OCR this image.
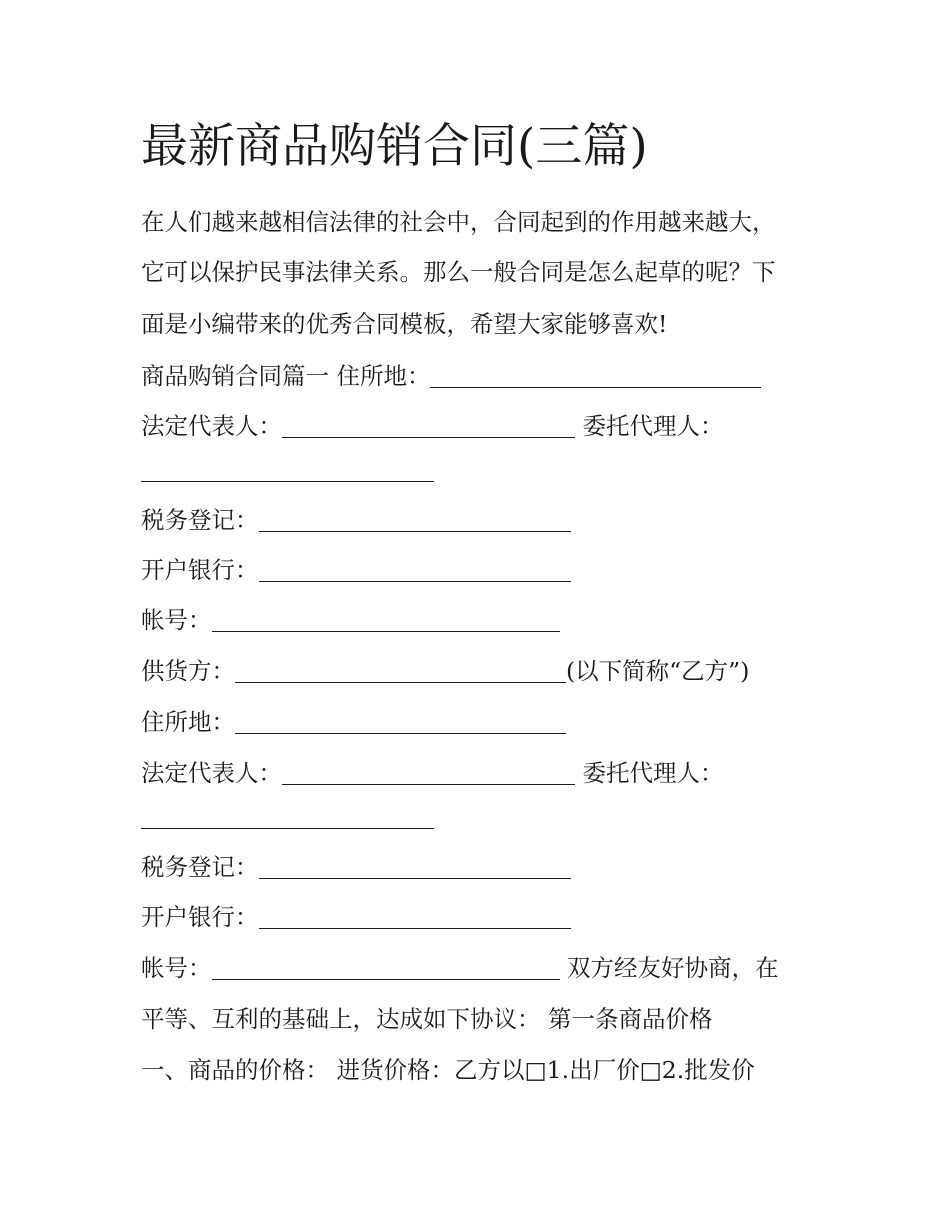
最新商品购销合同(三篇)
在人们越来越相信法律的社会中，合同起到的作用越来越大，
它可以保护民事法律关系。那么一般合同是怎么起草的呢？下
面是小编带来的优秀合同模板，希望大家能够喜欢!
商品购销合同篇一 住所地：
法定代表人：	委托代理人：
税务登记：
开户银行：
帐号：
供货方：	(以下简称“乙方”)
住所地：
法定代表人：	委托代理人：
税务登记：
开户银行：
帐号：	双方经友好协商，在
平等、互利的基础上，达成如下协议： 第一条商品价格
一、商品的价格： 进货价格：乙方以□1.出厂价□2.批发价
